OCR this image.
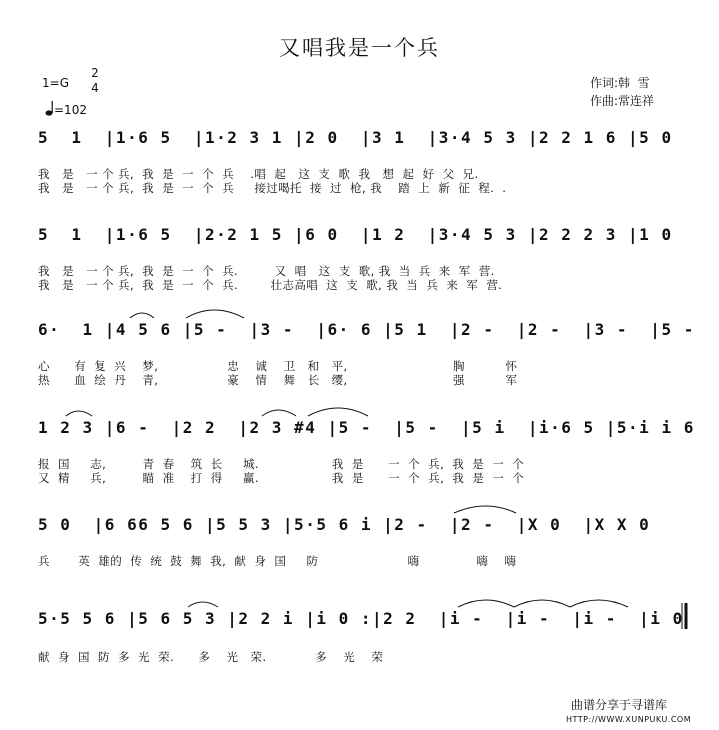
又唱我是一个兵
1=G
2
4
=102
作词:韩  雪
作曲:常连祥
5  1  |1·6 5  |1·2 3 1 |2 0  |3 1  |3·4 5 3 |2 2 1 6 |5 0
我   是   一 个 兵,  我  是  一  个  兵    .唱  起   这  支  歌  我   想  起  好  父  兄.
我   是   一 个 兵,  我  是  一  个  兵     接过喝托  接  过  枪, 我    踏  上  新  征  程.  .
5  1  |1·6 5  |2·2 1 5 |6 0  |1 2  |3·4 5 3 |2 2 2 3 |1 0
我   是   一 个 兵,  我  是  一  个  兵.         又  唱   这  支  歌, 我  当  兵  来  军  营.
我   是   一 个 兵,  我  是  一  个  兵.        壮志高唱  这  支  歌, 我  当  兵  来  军  营.
6·  1 |4 5 6 |5 -  |3 -  |6· 6 |5 1  |2 -  |2 -  |3 -  |5 -
心      有  复  兴    梦,                 忠    诚    卫   和   平,                          胸          怀
热      血  绘  丹    青,                 豪    情    舞   长   缨,                          强          军
1 2 3 |6 -  |2 2  |2 3 #4 |5 -  |5 -  |5 i  |i·6 5 |5·i i 6
报  国     志,         青  春    筑  长     城.                  我  是      一  个  兵,  我  是  一  个
又  精     兵,         瞄  准    打  得     赢.                  我  是      一  个  兵,  我  是  一  个
5 0  |6 66 5 6 |5 5 3 |5·5 6 i |2 -  |2 -  |X 0  |X X 0
兵       英  雄的  传  统  鼓  舞  我,  献  身  国     防                      嗨              嗨    嗨
5·5 5 6 |5 6 5 3 |2 2 i |i 0 :|2 2  |i -  |i -  |i -  |i 0
献  身  国  防  多  光  荣.      多    光   荣.            多    光    荣
曲谱分享于寻谱库
HTTP://WWW.XUNPUKU.COM
